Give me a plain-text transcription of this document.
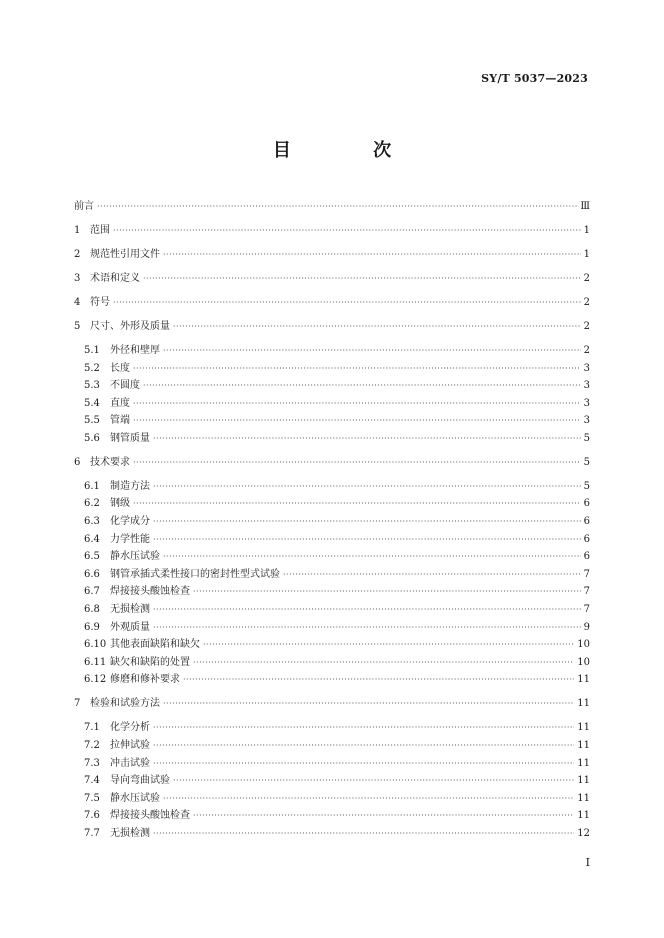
SY/T 5037—2023
目 次
前言 ·····	Ⅲ
1 范围 ·····	1
2 规范性引用文件 ·····	1
3 术语和定义 ·····	2
4 符号 ·····	2
5 尺寸、外形及质量 ·····	2
5.1	外径和壁厚 ·····	2
5.2	长度 ·····	3
5.3	不圆度 ·····	3
5.4	直度 ·····	3
5.5	管端 ·····	3
5.6	钢管质量 ·····	5
6 技术要求 ·····	5
6.1	制造方法 ·····	5
6.2	钢级 ·····	6
6.3	化学成分 ·····	6
6.4	力学性能 ·····	6
6.5	静水压试验 ·····	6
6.6	钢管承插式柔性接口的密封性型式试验 ·····	7
6.7	焊接接头酸蚀检查 ·····	7
6.8	无损检测 ·····	7
6.9	外观质量 ·····	9
6.10 其他表面缺陷和缺欠 ·····	10
6.11 缺欠和缺陷的处置 ·····	10
6.12 修磨和修补要求 ·····	11
7 检验和试验方法 ·····	11
7.1	化学分析 ·····	11
7.2	拉伸试验 ·····	11
7.3	冲击试验 ·····	11
7.4	导向弯曲试验 ·····	11
7.5	静水压试验 ·····	11
7.6	焊接接头酸蚀检查 ·····	11
7.7	无损检测 ·····	12
I
